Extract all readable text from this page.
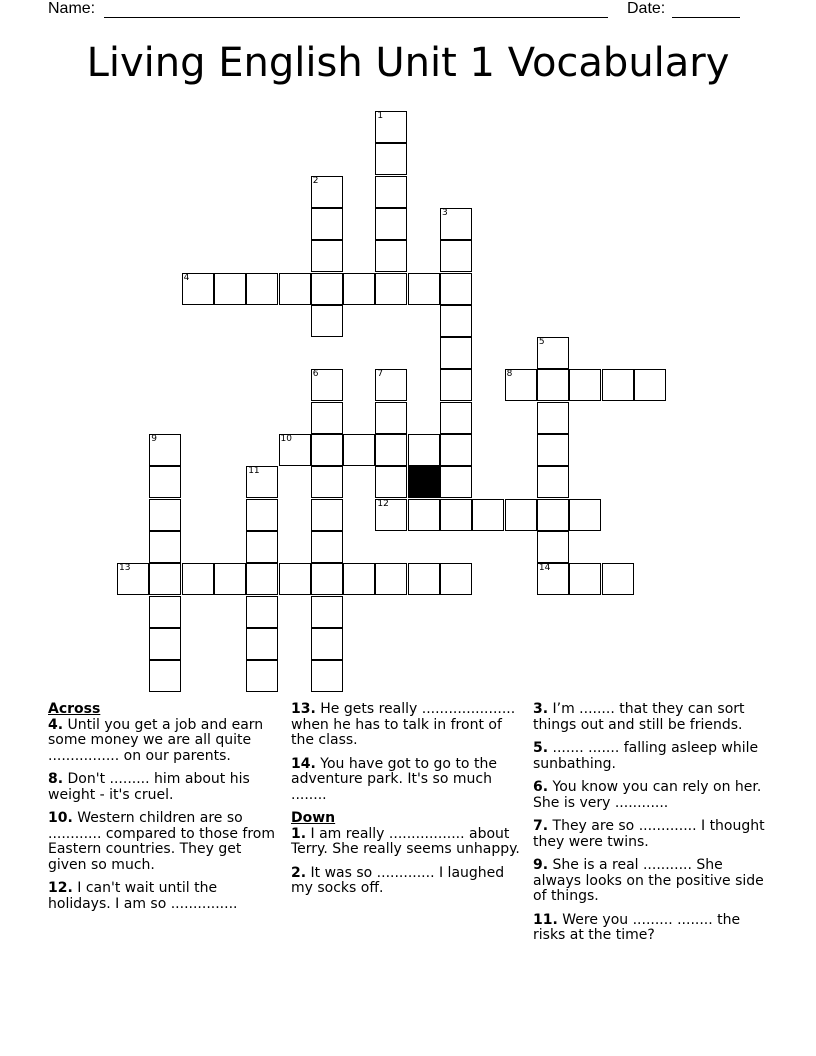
Name:	Date:
Living English Unit 1 Vocabulary
1
2
3
4
5
6	7	8
9	10
11
12
13	14

Across

4. Until you get a job and earn some money we are all quite ................ on our parents.

8. Don't ......... him about his weight - it's cruel.

10. Western children are so ............ compared to those from Eastern countries. They get given so much.

12. I can't wait until the holidays. I am so ...............

13. He gets really ..................... when he has to talk in front of the class.

14. You have got to go to the adventure park. It's so much ........

Down

1. I am really ................. about Terry. She really seems unhappy.

2. It was so ............. I laughed my socks off.

3. I’m ........ that they can sort things out and still be friends.

5. ....... ....... falling asleep while sunbathing.

6. You know you can rely on her. She is very ............

7. They are so ............. I thought they were twins.

9. She is a real ........... She always looks on the positive side of things.

11. Were you ......... ........ the risks at the time?
